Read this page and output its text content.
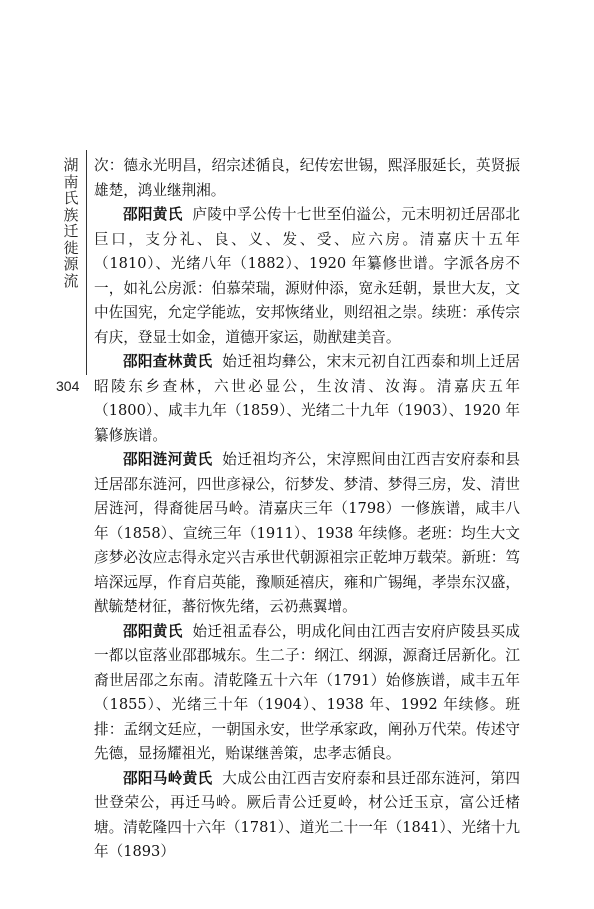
湖
南
氏
族
迁
徙
源
流
304

次：德永光明昌，绍宗述循良，纪传宏世锡，熙泽服延长，英贤振雄楚，鸿业继荆湘。

邵阳黄氏 庐陵中孚公传十七世至伯溢公，元末明初迁居邵北巨口，支分礼、良、义、发、受、应六房。清嘉庆十五年（1810）、光绪八年（1882）、1920 年纂修世谱。字派各房不一，如礼公房派：伯慕荣瑞，源财仲添，宽永廷朝，景世大友，文中佐国宪，允定学能竑，安邦恢绪业，则绍祖之崇。续班：承传宗有庆，登显士如金，道德开家运，勋猷建美音。

邵阳查林黄氏 始迁祖均彝公，宋末元初自江西泰和圳上迁居昭陵东乡查林，六世必显公，生汝清、汝海。清嘉庆五年（1800）、咸丰九年（1859）、光绪二十九年（1903）、1920 年纂修族谱。

邵阳涟河黄氏 始迁祖均齐公，宋淳熙间由江西吉安府泰和县迁居邵东涟河，四世彦禄公，衍梦发、梦清、梦得三房，发、清世居涟河，得裔徙居马岭。清嘉庆三年（1798）一修族谱，咸丰八年（1858）、宣统三年（1911）、1938 年续修。老班：均生大文彦梦必汝应志得永定兴吉承世代朝源祖宗正乾坤万载荣。新班：笃培深远厚，作育启英能，豫顺延禧庆，雍和广锡绳，孝崇东汉盛，猷毓楚材征，蕃衍恢先绪，云礽燕翼增。

邵阳黄氏 始迁祖孟春公，明成化间由江西吉安府庐陵县买成一都以宦落业邵郡城东。生二子：纲江、纲源，源裔迁居新化。江裔世居邵之东南。清乾隆五十六年（1791）始修族谱，咸丰五年（1855）、光绪三十年（1904）、1938 年、1992 年续修。班排：孟纲文廷应，一朝国永安，世学承家政，阐孙万代荣。传述守先德，显扬耀祖光，贻谋继善策，忠孝志循良。

邵阳马岭黄氏 大成公由江西吉安府泰和县迁邵东涟河，第四世登荣公，再迁马岭。厥后青公迁夏岭，材公迁玉京，富公迁楮塘。清乾隆四十六年（1781）、道光二十一年（1841）、光绪十九年（1893）
